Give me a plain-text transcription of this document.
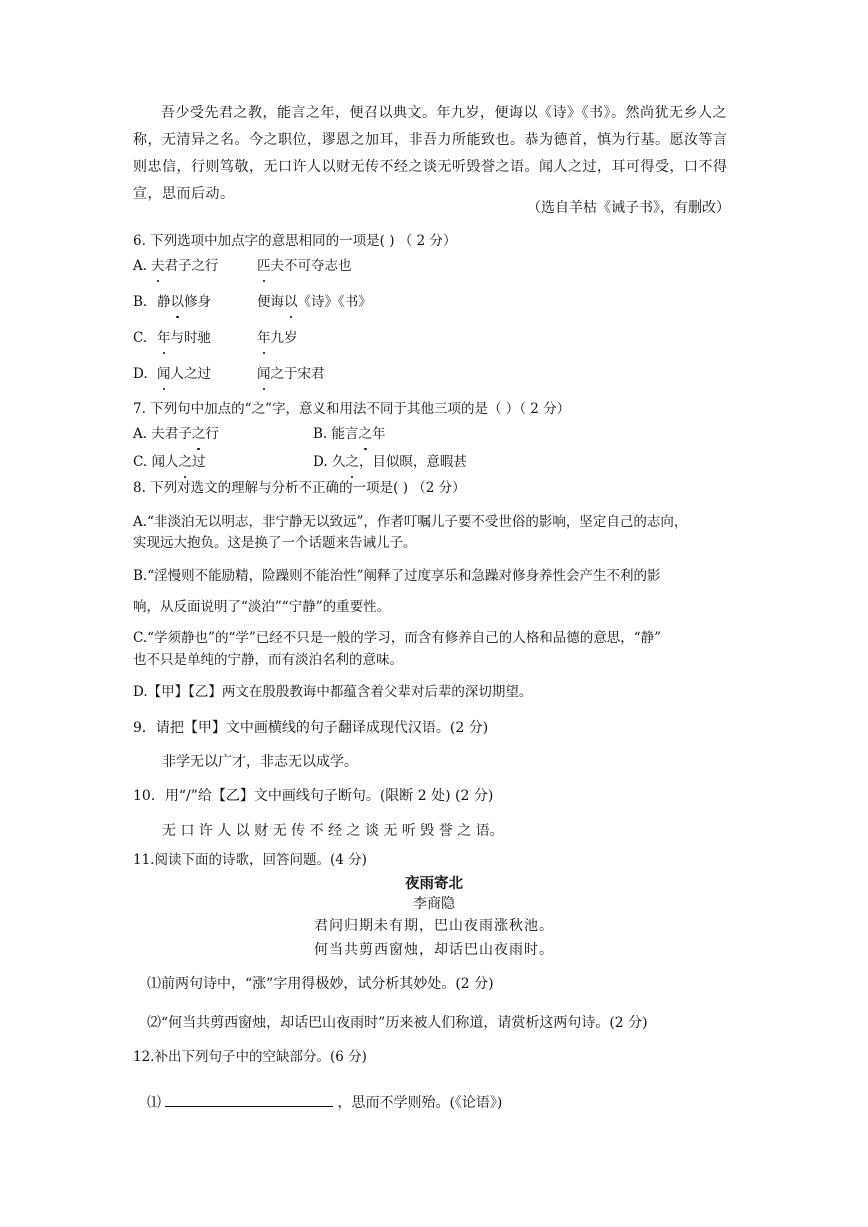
吾少受先君之教，能言之年，便召以典文。年九岁，便诲以《诗》《书》。然尚犹无乡人之称，无清异之名。今之职位，谬恩之加耳，非吾力所能致也。恭为德首，慎为行基。愿汝等言则忠信，行则笃敬，无口许人以财无传不经之谈无听毁誉之语。闻人之过，耳可得受，口不得宣，思而后动。
（选自羊枯《诫子书》，有删改）
6. 下列选项中加点字的意思相同的一项是( ) （ 2 分）
A. 夫君子之行	匹夫不可夺志也
B. 静以修身	便诲以《诗》《书》
C. 年与时驰	年九岁
D. 闻人之过	闻之于宋君
7. 下列句中加点的“之”字，意义和用法不同于其他三项的是（ ）（ 2 分）
A. 夫君子之行	B. 能言之年
C. 闻人之过	D. 久之，目似暝，意暇甚
8. 下列对选文的理解与分析不正确的一项是( ) （2 分）
A.“非淡泊无以明志，非宁静无以致远”，作者叮嘱儿子要不受世俗的影响，坚定自己的志向，
实现远大抱负。这是换了一个话题来告诫儿子。
B.“淫慢则不能励精，险躁则不能治性”阐释了过度享乐和急躁对修身养性会产生不利的影
响，从反面说明了“淡泊”“宁静”的重要性。
C.“学须静也”的“学”已经不只是一般的学习，而含有修养自己的人格和品德的意思，“静”
也不只是单纯的宁静，而有淡泊名利的意味。
D.【甲】【乙】两文在殷殷教诲中都蕴含着父辈对后辈的深切期望。
9．请把【甲】文中画横线的句子翻译成现代汉语。(2 分)
非学无以广才，非志无以成学。
10．用“/”给【乙】文中画线句子断句。(限断 2 处) (2 分)
无 口 许 人 以 财 无 传 不 经 之 谈 无 听 毁 誉 之 语。
11.阅读下面的诗歌，回答问题。(4 分)
夜雨寄北
李商隐
君问归期未有期，巴山夜雨涨秋池。
何当共剪西窗烛，却话巴山夜雨时。
⑴前两句诗中，“涨”字用得极妙，试分析其妙处。(2 分)
⑵“何当共剪西窗烛，却话巴山夜雨时”历来被人们称道，请赏析这两句诗。(2 分)
12.补出下列句子中的空缺部分。(6 分)
⑴	，思而不学则殆。(《论语》)
